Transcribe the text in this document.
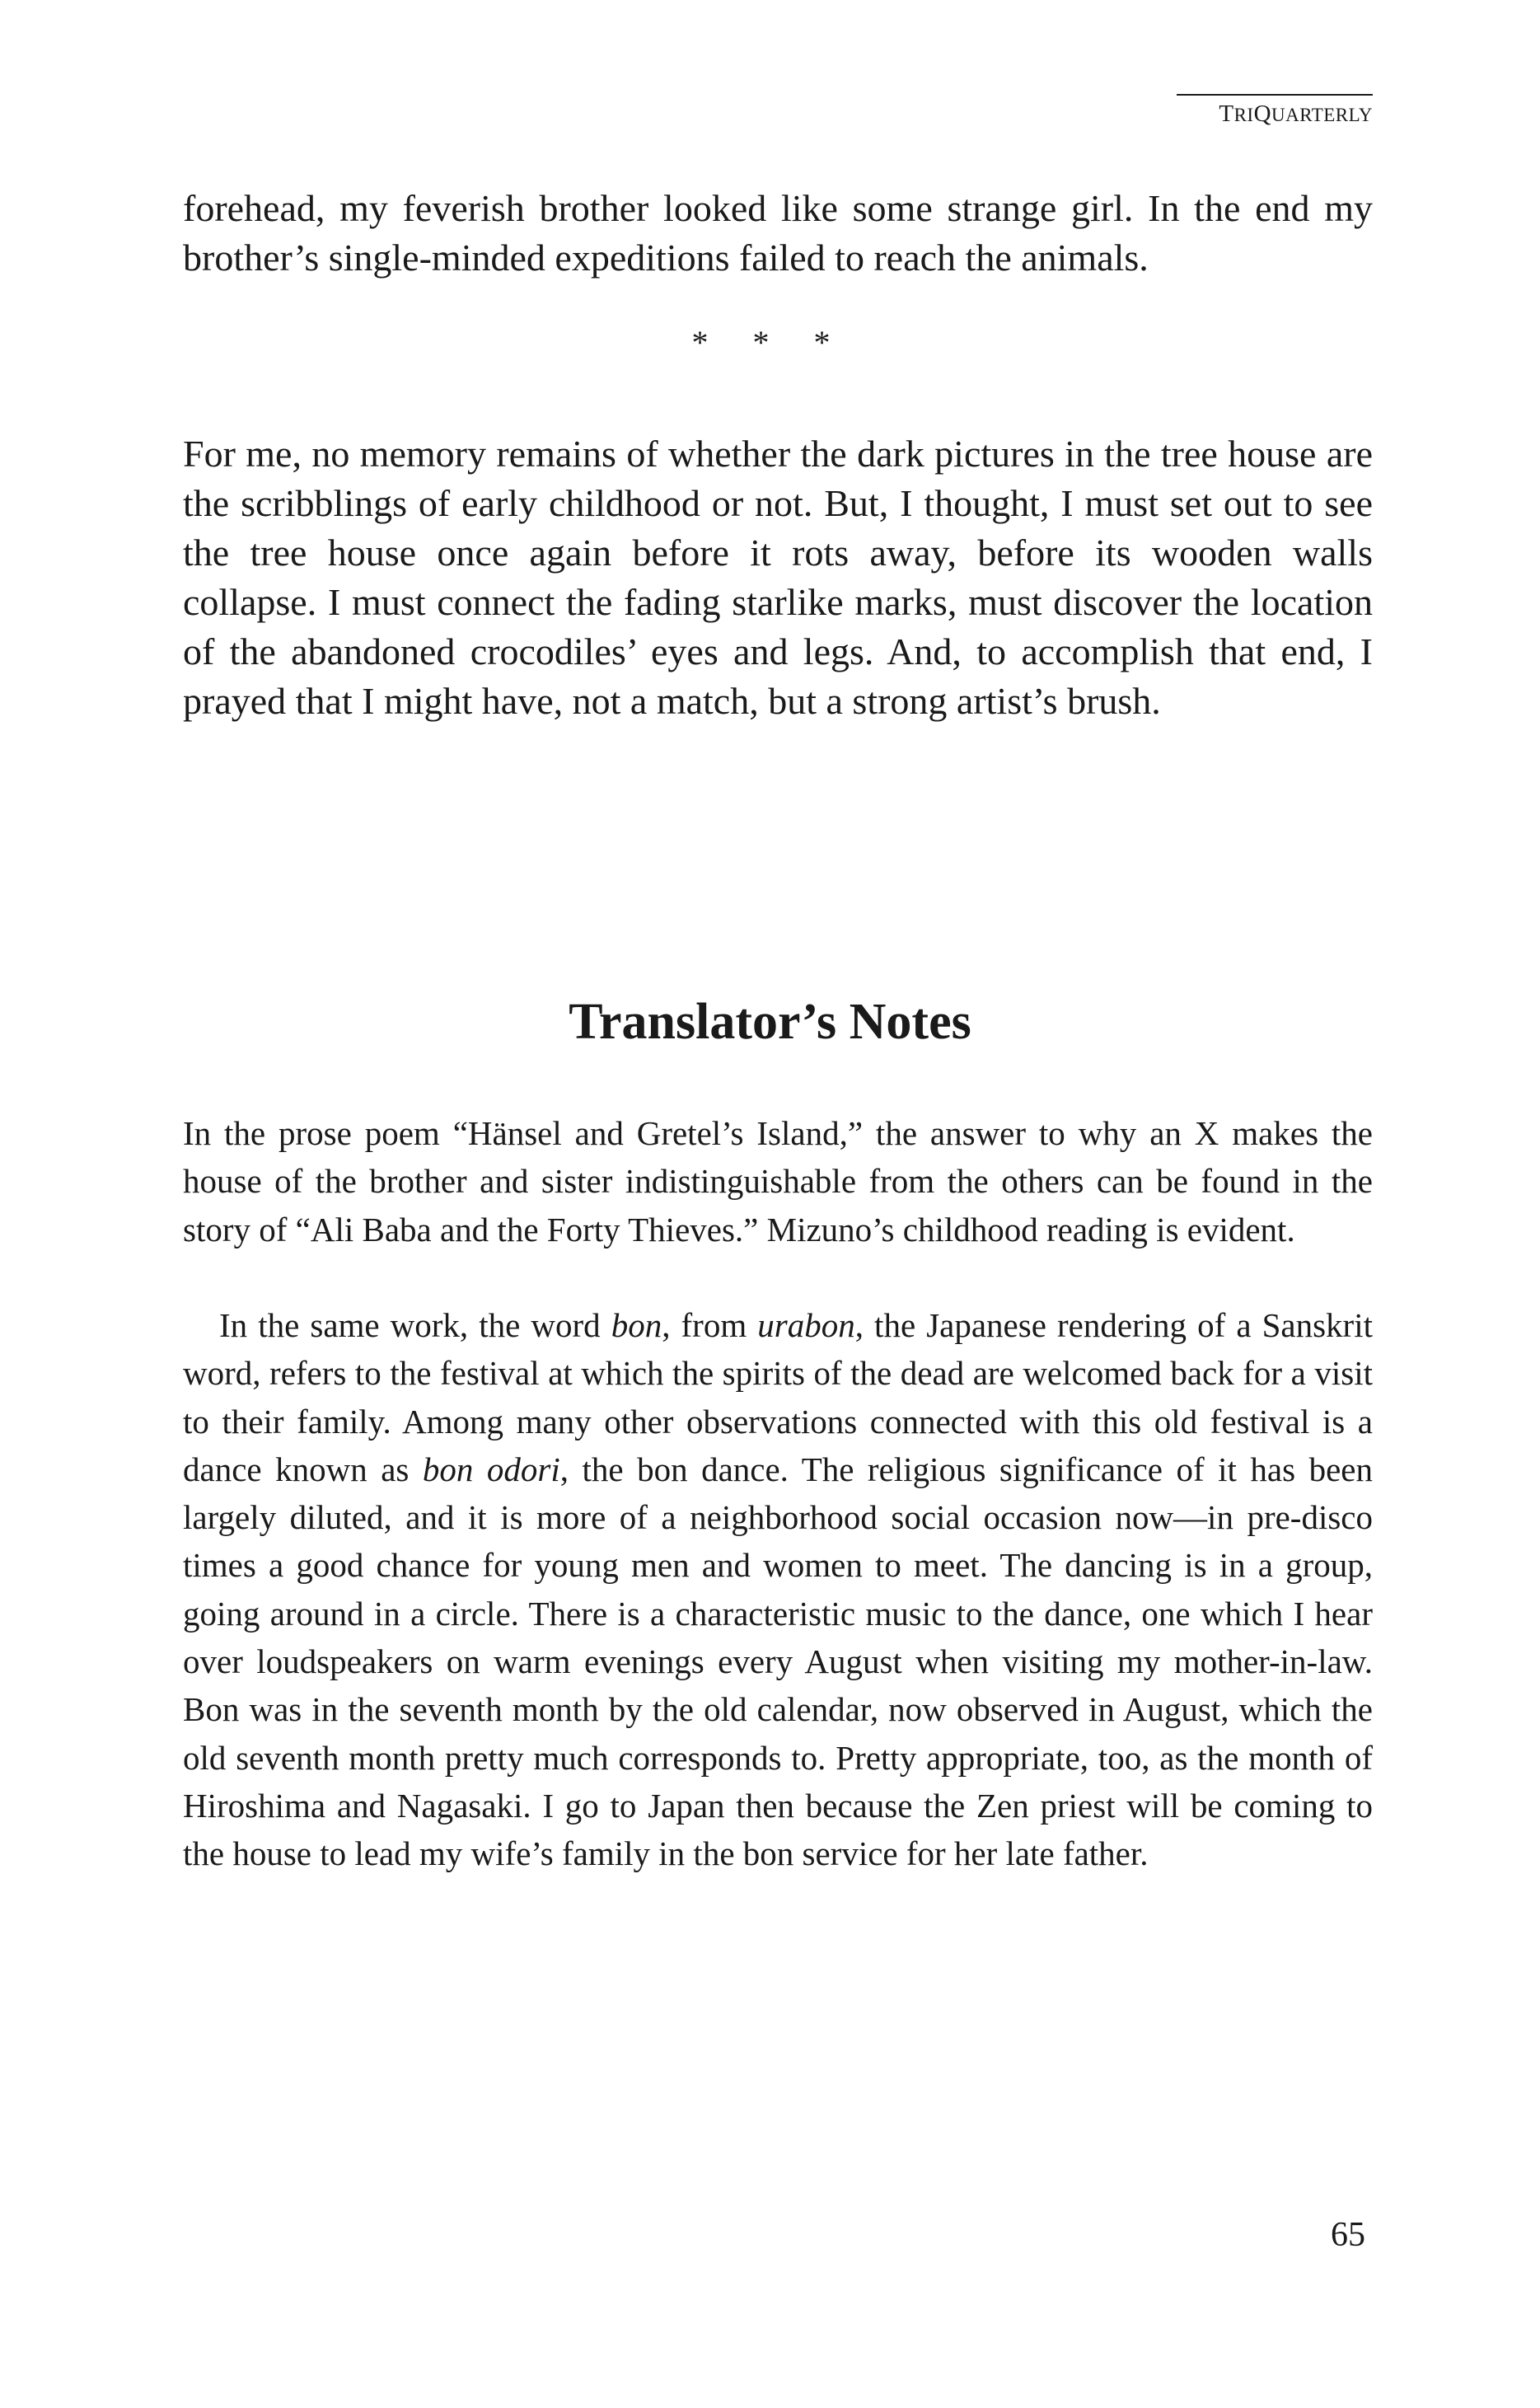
TRIQUARTERLY

forehead, my feverish brother looked like some strange girl. In the end my brother’s single-minded expeditions failed to reach the animals.

* * *

For me, no memory remains of whether the dark pictures in the tree house are the scribblings of early childhood or not. But, I thought, I must set out to see the tree house once again before it rots away, before its wooden walls collapse. I must connect the fading starlike marks, must discover the location of the abandoned crocodiles’ eyes and legs. And, to accomplish that end, I prayed that I might have, not a match, but a strong artist’s brush.

Translator’s Notes

In the prose poem “Hänsel and Gretel’s Island,” the answer to why an X makes the house of the brother and sister indistinguishable from the others can be found in the story of “Ali Baba and the Forty Thieves.” Mizuno’s childhood reading is evident.

In the same work, the word bon, from urabon, the Japanese rendering of a Sanskrit word, refers to the festival at which the spirits of the dead are welcomed back for a visit to their family. Among many other observations connected with this old festival is a dance known as bon odori, the bon dance. The religious significance of it has been largely diluted, and it is more of a neighborhood social occasion now—in pre-disco times a good chance for young men and women to meet. The dancing is in a group, going around in a circle. There is a characteristic music to the dance, one which I hear over loudspeakers on warm evenings every August when visiting my mother-in-law. Bon was in the seventh month by the old calendar, now observed in August, which the old seventh month pretty much corresponds to. Pretty appropriate, too, as the month of Hiroshima and Nagasaki. I go to Japan then because the Zen priest will be coming to the house to lead my wife’s family in the bon service for her late father.

65
